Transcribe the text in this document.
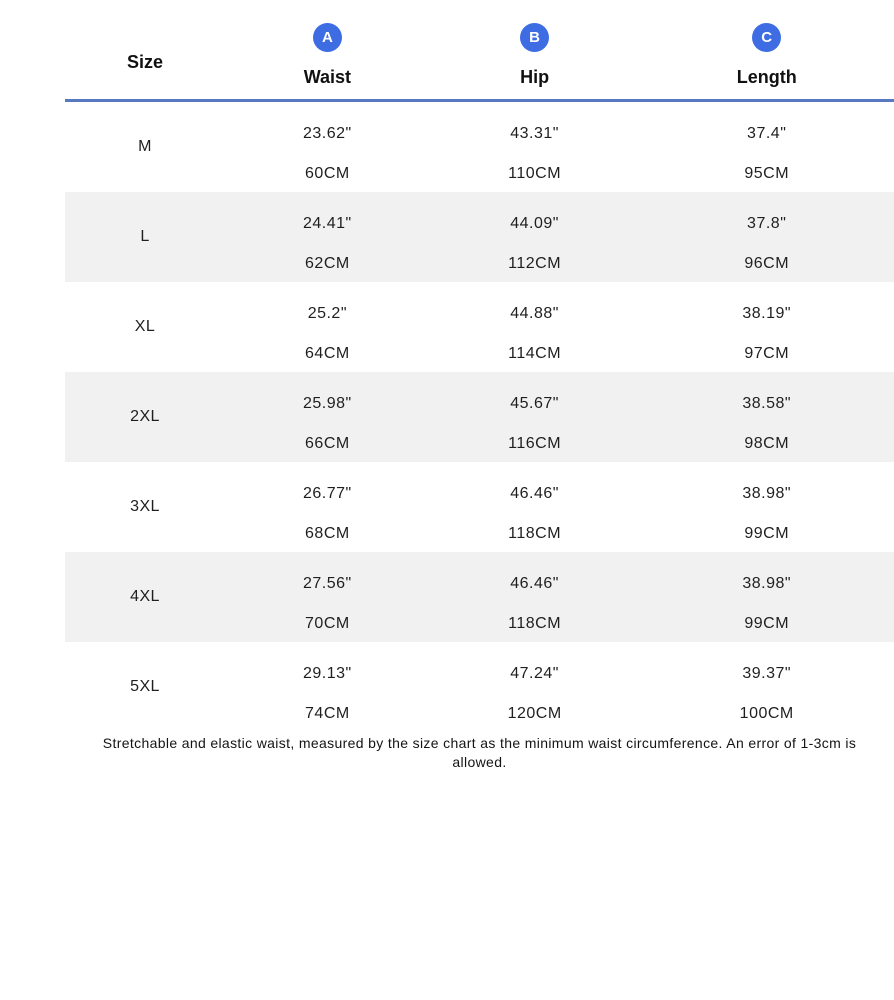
Size
A
Waist
B
Hip
C
Length
M
23.62"
60CM
43.31"
110CM
37.4"
95CM
L
24.41"
62CM
44.09"
112CM
37.8"
96CM
XL
25.2"
64CM
44.88"
114CM
38.19"
97CM
2XL
25.98"
66CM
45.67"
116CM
38.58"
98CM
3XL
26.77"
68CM
46.46"
118CM
38.98"
99CM
4XL
27.56"
70CM
46.46"
118CM
38.98"
99CM
5XL
29.13"
74CM
47.24"
120CM
39.37"
100CM
Stretchable and elastic waist, measured by the size chart as the minimum waist circumference. An error of 1-3cm is
allowed.
